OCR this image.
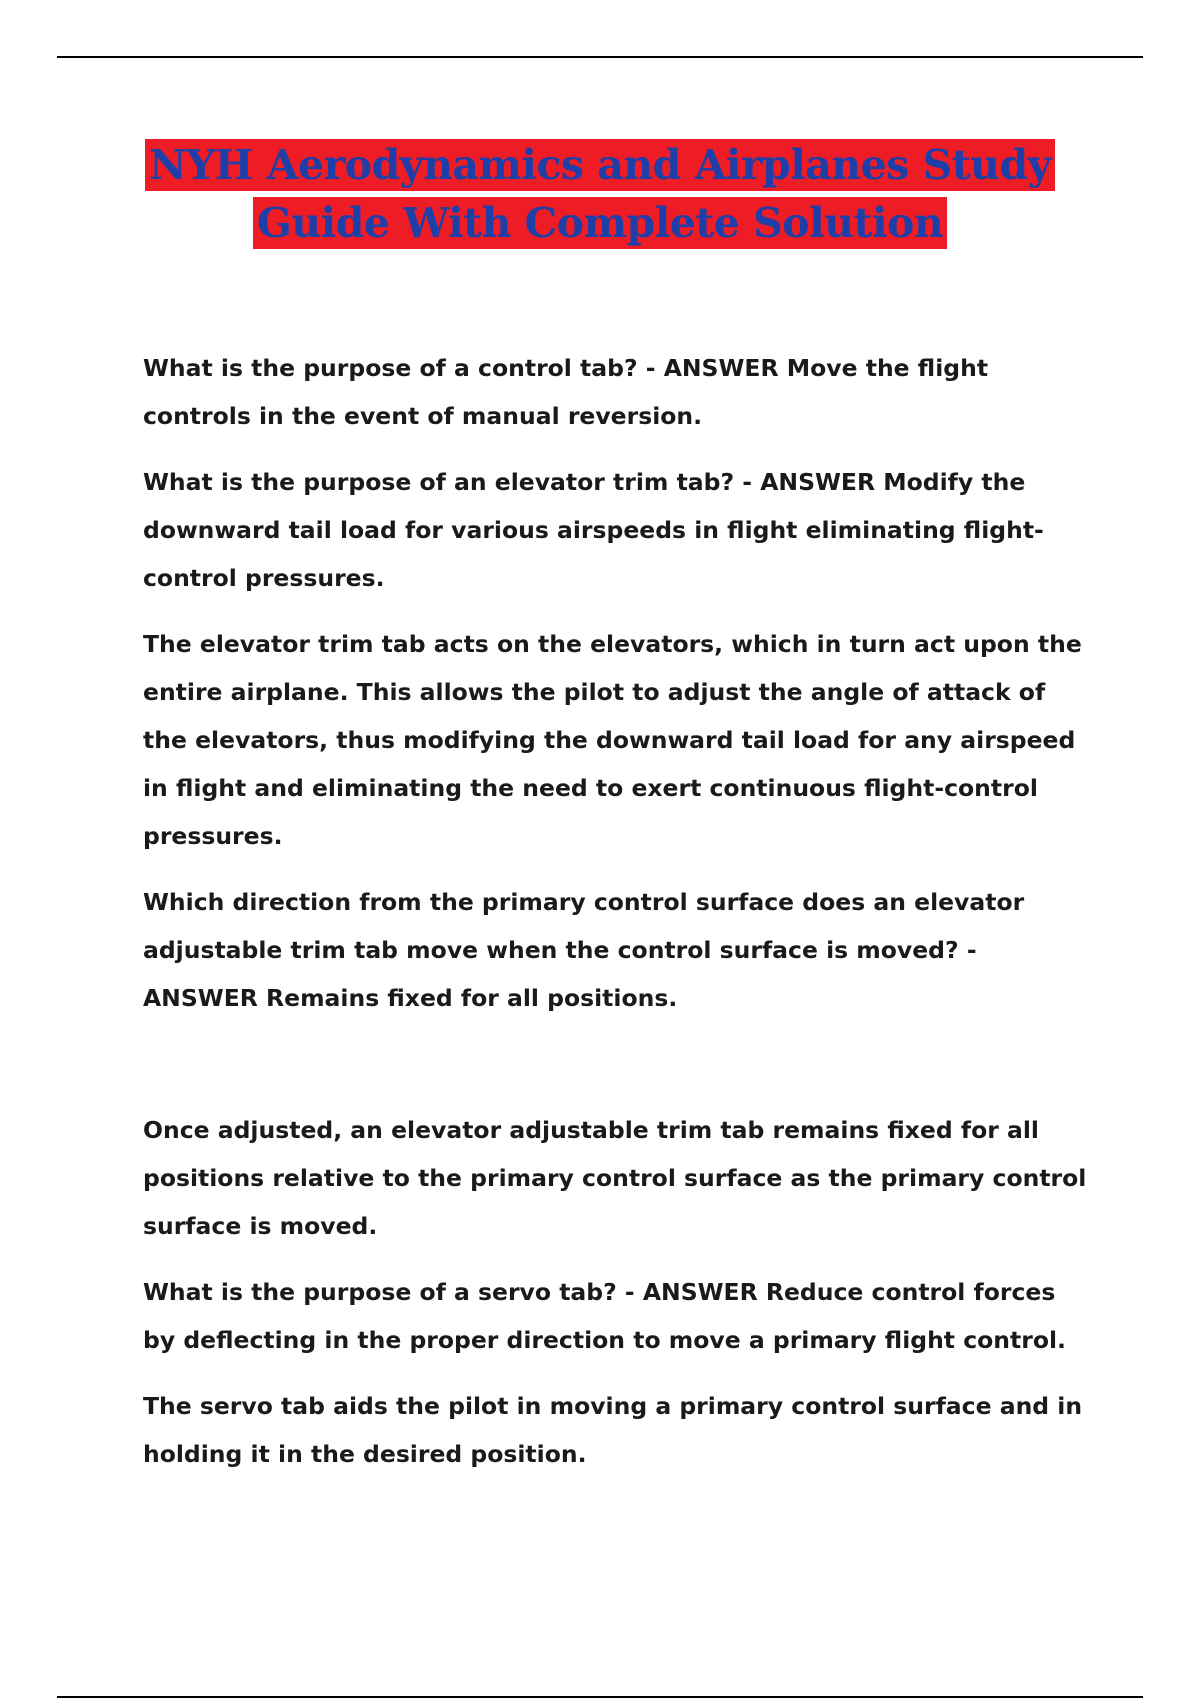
NYH Aerodynamics and Airplanes Study
Guide With Complete Solution

What is the purpose of a control tab? - ANSWER Move the flight controls in the event of manual reversion.

What is the purpose of an elevator trim tab? - ANSWER Modify the downward tail load for various airspeeds in flight eliminating flight-control pressures.

The elevator trim tab acts on the elevators, which in turn act upon the entire airplane. This allows the pilot to adjust the angle of attack of the elevators, thus modifying the downward tail load for any airspeed in flight and eliminating the need to exert continuous flight-control pressures.

Which direction from the primary control surface does an elevator adjustable trim tab move when the control surface is moved? - ANSWER Remains fixed for all positions.

Once adjusted, an elevator adjustable trim tab remains fixed for all positions relative to the primary control surface as the primary control surface is moved.

What is the purpose of a servo tab? - ANSWER Reduce control forces by deflecting in the proper direction to move a primary flight control.

The servo tab aids the pilot in moving a primary control surface and in holding it in the desired position.
